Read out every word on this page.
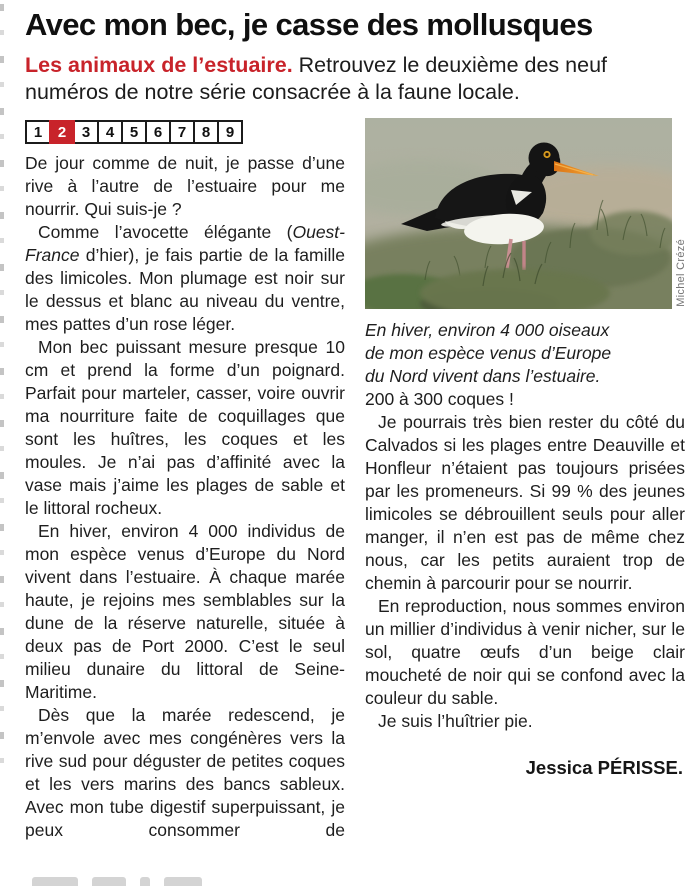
Avec mon bec, je casse des mollusques

Les animaux de l’estuaire. Retrouvez le deuxième des neuf numéros de notre série consacrée à la faune locale.

1	2	3	4	5	6	7	8	9

De jour comme de nuit, je passe d’une rive à l’autre de l’estuaire pour me nourrir. Qui suis-je ?

Comme l’avocette élégante (Ouest-France d’hier), je fais partie de la famille des limicoles. Mon plumage est noir sur le dessus et blanc au niveau du ventre, mes pattes d’un rose léger.

Mon bec puissant mesure presque 10 cm et prend la forme d’un poignard. Parfait pour marteler, casser, voire ouvrir ma nourriture faite de coquillages que sont les huîtres, les coques et les moules. Je n’ai pas d’affinité avec la vase mais j’aime les plages de sable et le littoral rocheux.

En hiver, environ 4 000 individus de mon espèce venus d’Europe du Nord vivent dans l’estuaire. À chaque marée haute, je rejoins mes semblables sur la dune de la réserve naturelle, située à deux pas de Port 2000. C’est le seul milieu dunaire du littoral de Seine-Maritime.

Dès que la marée redescend, je m’envole avec mes congénères vers la rive sud pour déguster de petites coques et les vers marins des bancs sableux. Avec mon tube digestif superpuissant, je peux consommer de

Michel Crézé
En hiver, environ 4 000 oiseaux de mon espèce venus d’Europe du Nord vivent dans l’estuaire.

200 à 300 coques !

Je pourrais très bien rester du côté du Calvados si les plages entre Deauville et Honfleur n’étaient pas toujours prisées par les promeneurs. Si 99 % des jeunes limicoles se débrouillent seuls pour aller manger, il n’en est pas de même chez nous, car les petits auraient trop de chemin à parcourir pour se nourrir.

En reproduction, nous sommes environ un millier d’individus à venir nicher, sur le sol, quatre œufs d’un beige clair moucheté de noir qui se confond avec la couleur du sable.

Je suis l’huîtrier pie.

Jessica PÉRISSE.
